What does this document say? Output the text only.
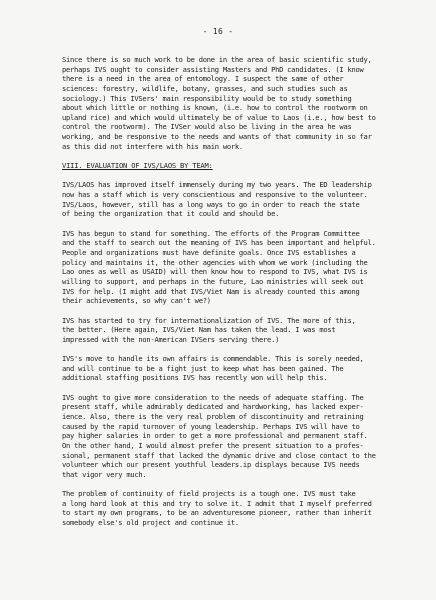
- 16 -
Since there is so much work to be done in the area of basic scientific study,
perhaps IVS ought to consider assisting Masters and PhD candidates. (I know
there is a need in the area of entomology. I suspect the same of other
sciences: forestry, wildlife, botany, grasses, and such studies such as
sociology.) This IVSers' main responsibility would be to study something
about which little or nothing is known, (i.e. how to control the rootworm on
upland rice) and which would ultimately be of value to Laos (i.e., how best to
control the rootworm). The IVSer would also be living in the area he was
working, and be responsive to the needs and wants of that community in so far
as this did not interfere with his main work.
VIII. EVALUATION OF IVS/LAOS BY TEAM:
IVS/LAOS has improved itself immensely during my two years. The ED leadership
now has a staff which is very conscientious and responsive to the volunteer.
IVS/Laos, however, still has a long ways to go in order to reach the state
of being the organization that it could and should be.
IVS has begun to stand for something. The efforts of the Program Committee
and the staff to search out the meaning of IVS has been important and helpful.
People and organizations must have definite goals. Once IVS establishes a
policy and maintains it, the other agencies with whom we work (including the
Lao ones as well as USAID) will then know how to respond to IVS, what IVS is
willing to support, and perhaps in the future, Lao ministries will seek out
IVS for help. (I might add that IVS/Viet Nam is already counted this among
their achievements, so why can't we?)
IVS has started to try for internationalization of IVS. The more of this,
the better. (Here again, IVS/Viet Nam has taken the lead. I was most
impressed with the non-American IVSers serving there.)
IVS's move to handle its own affairs is commendable. This is sorely needed,
and will continue to be a fight just to keep what has been gained. The
additional staffing positions IVS has recently won will help this.
IVS ought to give more consideration to the needs of adequate staffing. The
present staff, while admirably dedicated and hardworking, has lacked exper-
ience. Also, there is the very real problem of discontinuity and retraining
caused by the rapid turnover of young leadership. Perhaps IVS will have to
pay higher salaries in order to get a more professional and permanent staff.
On the other hand, I would almost prefer the present situation to a profes-
sional, permanent staff that lacked the dynamic drive and close contact to the
volunteer which our present youthful leaders.ip displays because IVS needs
that vigor very much.
The problem of continuity of field projects is a tough one. IVS must take
a long hard look at this and try to solve it. I admit that I myself preferred
to start my own programs, to be an adventuresome pioneer, rather than inherit
somebody else's old project and continue it.
